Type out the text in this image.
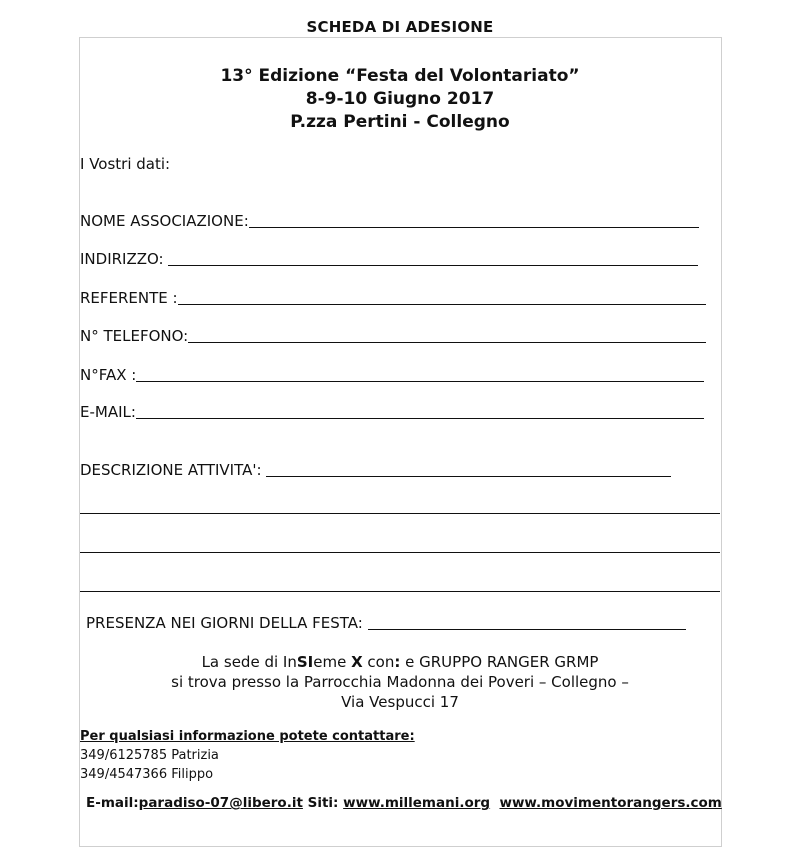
SCHEDA DI ADESIONE
13° Edizione “Festa del Volontariato”
8-9-10 Giugno 2017
P.zza Pertini - Collegno
I Vostri dati:
NOME ASSOCIAZIONE:
INDIRIZZO:
REFERENTE :
N° TELEFONO:
N°FAX :
E-MAIL:
DESCRIZIONE ATTIVITA':
PRESENZA NEI GIORNI DELLA FESTA:
La sede di InSIeme X con: e GRUPPO RANGER GRMP
si trova presso la Parrocchia Madonna dei Poveri – Collegno –
Via Vespucci 17
Per qualsiasi informazione potete contattare:
349/6125785 Patrizia
349/4547366 Filippo
E-mail:paradiso-07@libero.it Siti: www.millemani.org www.movimentorangers.com
